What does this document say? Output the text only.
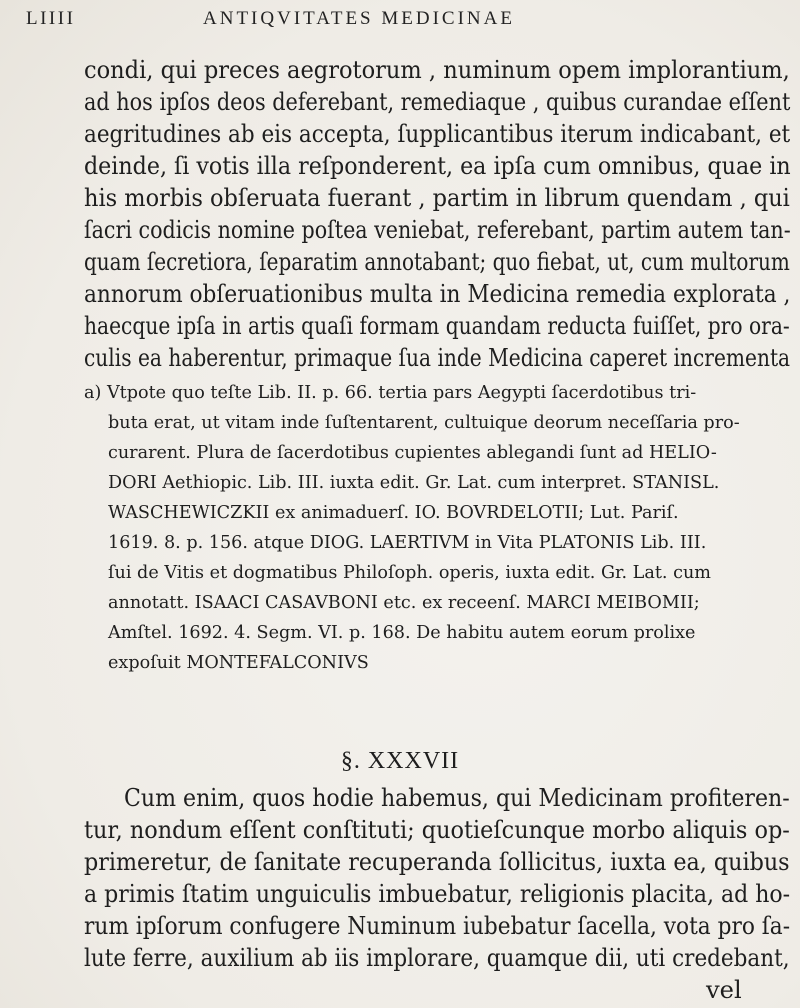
LIIII	ANTIQVITATES MEDICINAE
condi, qui preces aegrotorum , numinum opem implorantium,
ad hos ipſos deos deferebant, remediaque , quibus curandae eſſent
aegritudines ab eis accepta, ſupplicantibus iterum indicabant, et
deinde, ſi votis illa reſponderent, ea ipſa cum omnibus, quae in
his morbis obſeruata fuerant , partim in librum quendam , qui
ſacri codicis nomine poſtea veniebat, referebant, partim autem tan-
quam ſecretiora, ſeparatim annotabant; quo fiebat, ut, cum multorum
annorum obſeruationibus multa in Medicina remedia explorata ,
haecque ipſa in artis quaſi formam quandam reducta fuiſſet, pro ora-
culis ea haberentur, primaque ſua inde Medicina caperet incrementa
a) Vtpote quo teſte Lib. II. p. 66. tertia pars Aegypti ſacerdotibus tri-
buta erat, ut vitam inde ſuſtentarent, cultuique deorum neceſſaria pro-
curarent. Plura de ſacerdotibus cupientes ablegandi ſunt ad HELIO-
DORI Aethiopic. Lib. III. iuxta edit. Gr. Lat. cum interpret. STANISL.
WASCHEWICZKII ex animaduerſ. IO. BOVRDELOTII; Lut. Pariſ.
1619. 8. p. 156. atque DIOG. LAERTIVM in Vita PLATONIS Lib. III.
ſui de Vitis et dogmatibus Philoſoph. operis, iuxta edit. Gr. Lat. cum
annotatt. ISAACI CASAVBONI etc. ex receenſ. MARCI MEIBOMII;
Amſtel. 1692. 4. Segm. VI. p. 168. De habitu autem eorum prolixe
expoſuit MONTEFALCONIVS
§. XXXVII
Cum enim, quos hodie habemus, qui Medicinam profiteren-
tur, nondum eſſent conſtituti; quotieſcunque morbo aliquis op-
primeretur, de ſanitate recuperanda ſollicitus, iuxta ea, quibus
a primis ſtatim unguiculis imbuebatur, religionis placita, ad ho-
rum ipſorum confugere Numinum iubebatur ſacella, vota pro ſa-
lute ferre, auxilium ab iis implorare, quamque dii, uti credebant,
vel
